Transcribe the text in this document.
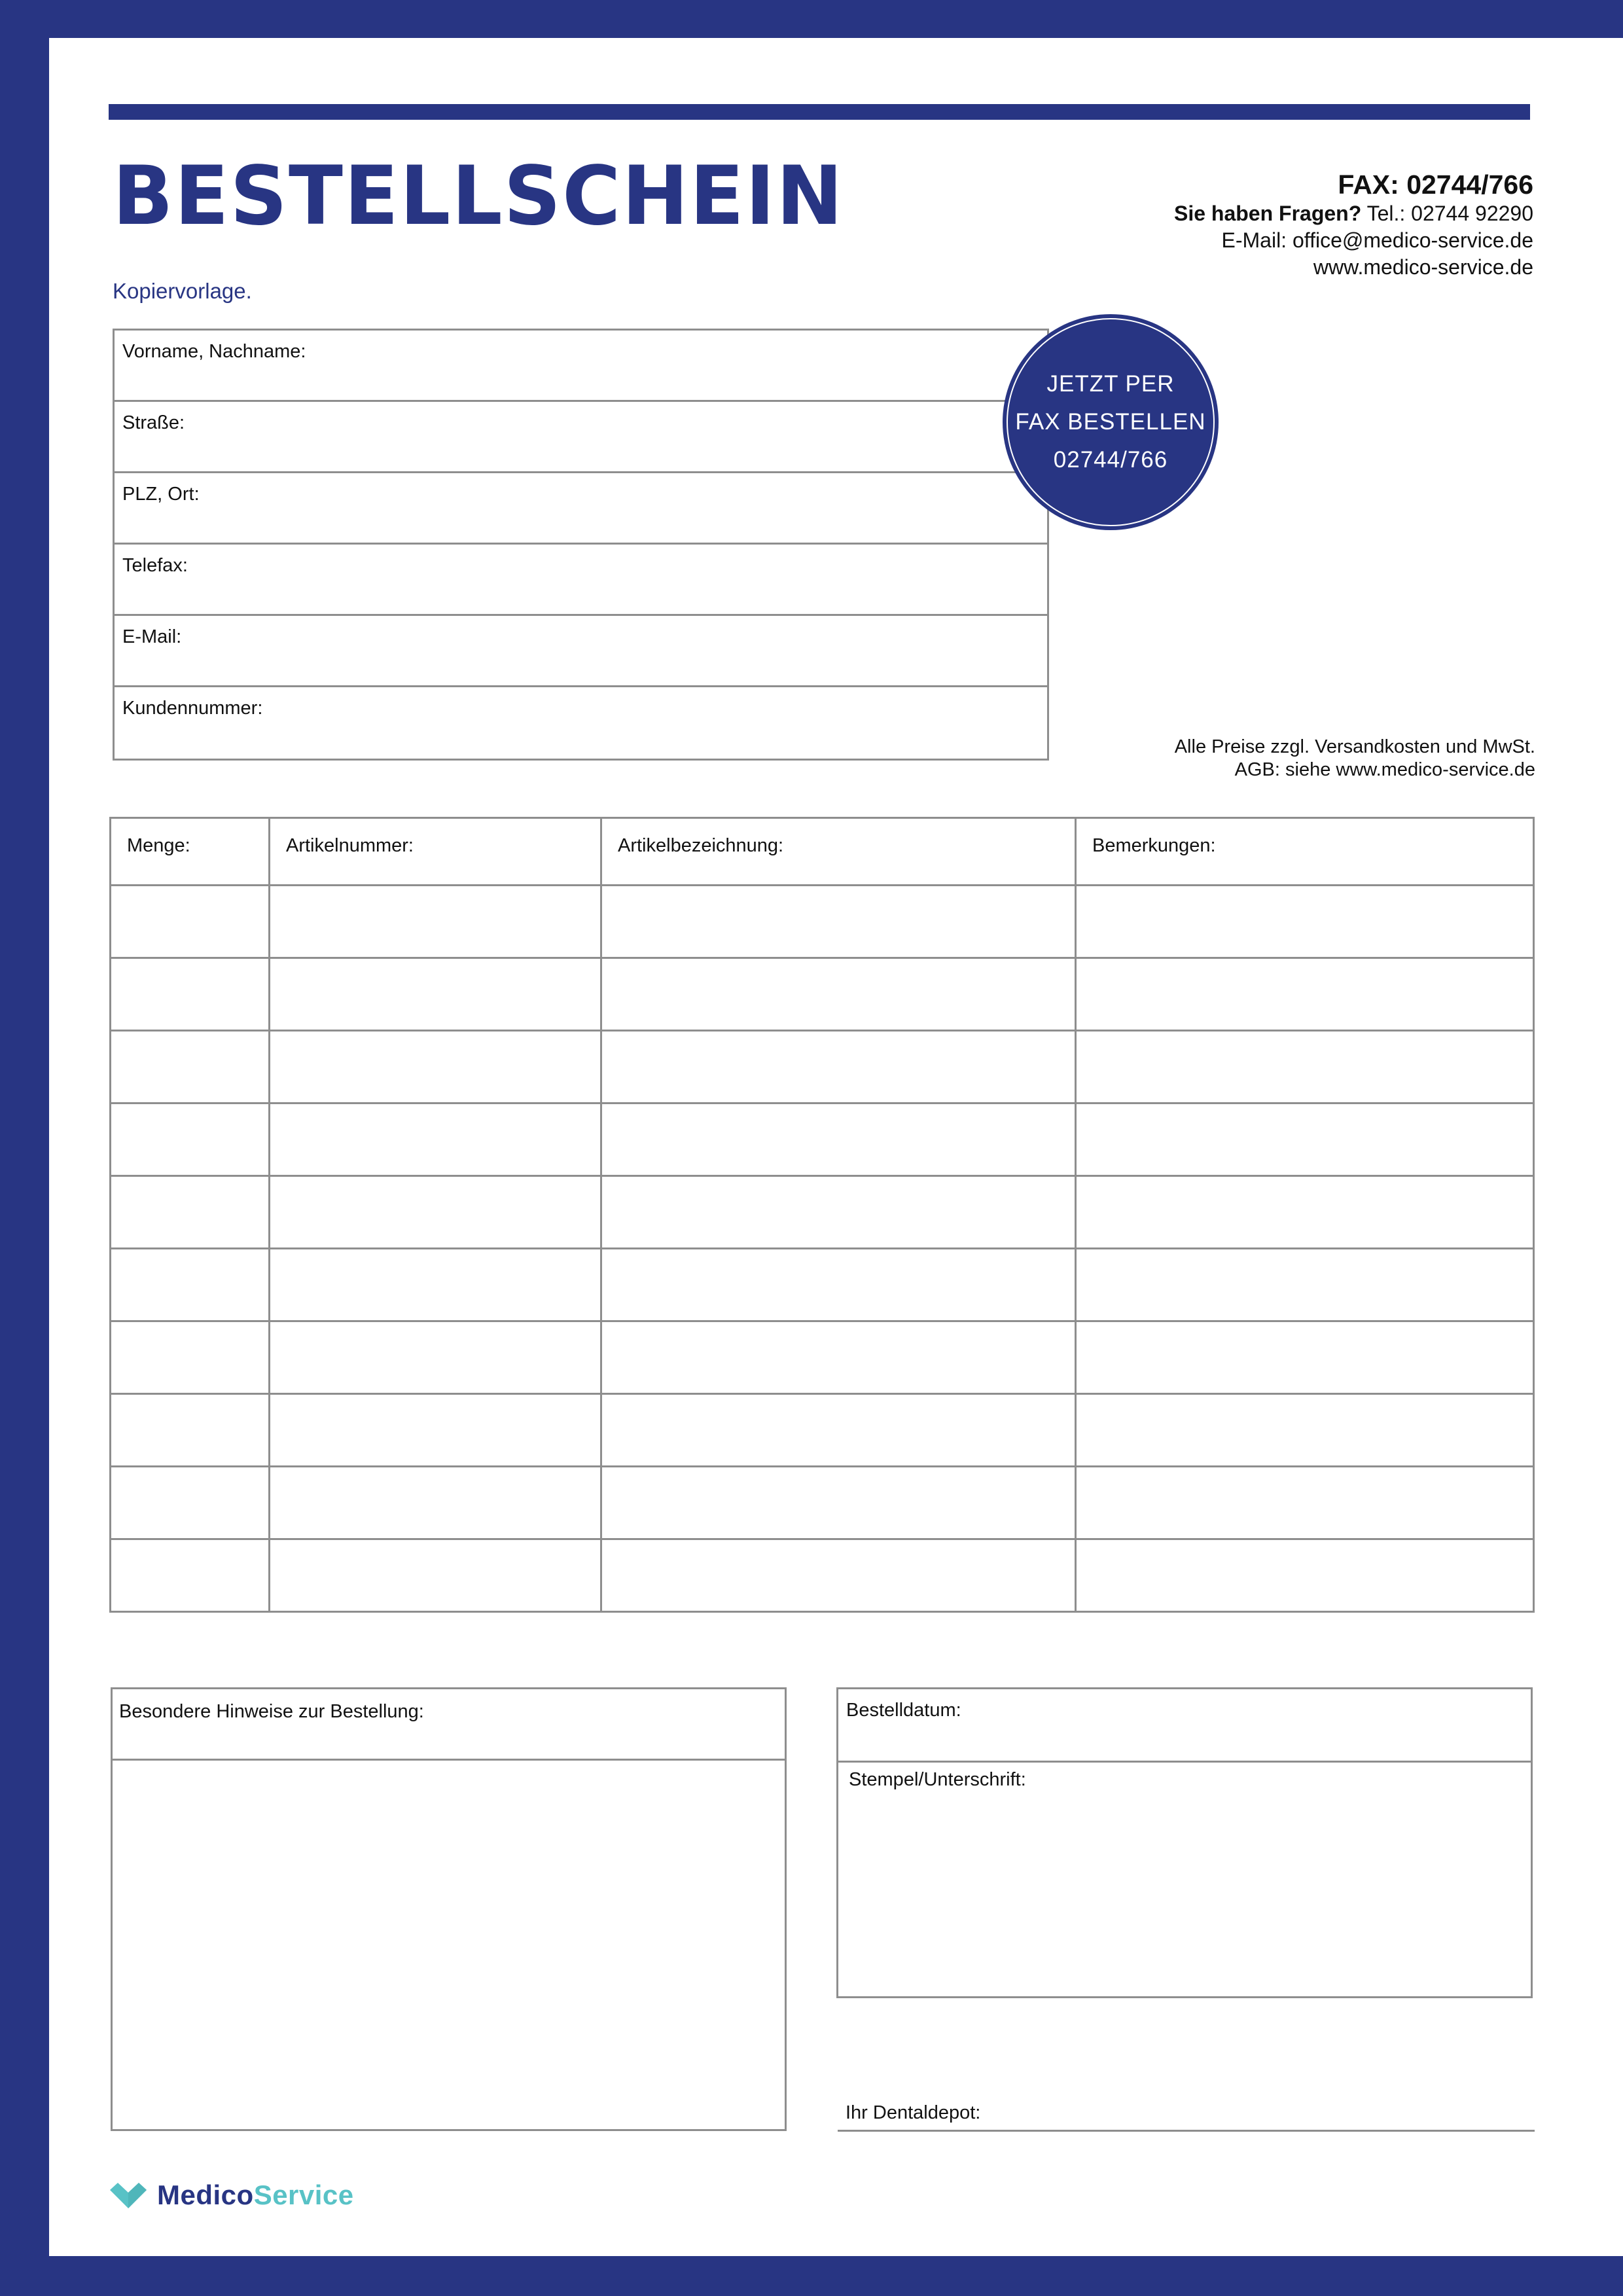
BESTELLSCHEIN
Kopiervorlage.
FAX: 02744/766
Sie haben Fragen? Tel.: 02744 92290
E-Mail: office@medico-service.de
www.medico-service.de
Vorname, Nachname:
Straße:
PLZ, Ort:
Telefax:
E-Mail:
Kundennummer:
JETZT PER
FAX BESTELLEN
02744/766
Alle Preise zzgl. Versandkosten und MwSt.
AGB: siehe www.medico-service.de
Menge:	Artikelnummer:	Artikelbezeichnung:	Bemerkungen:

Besondere Hinweise zur Bestellung:	Bestelldatum:
Stempel/Unterschrift:
Ihr Dentaldepot:
MedicoService
